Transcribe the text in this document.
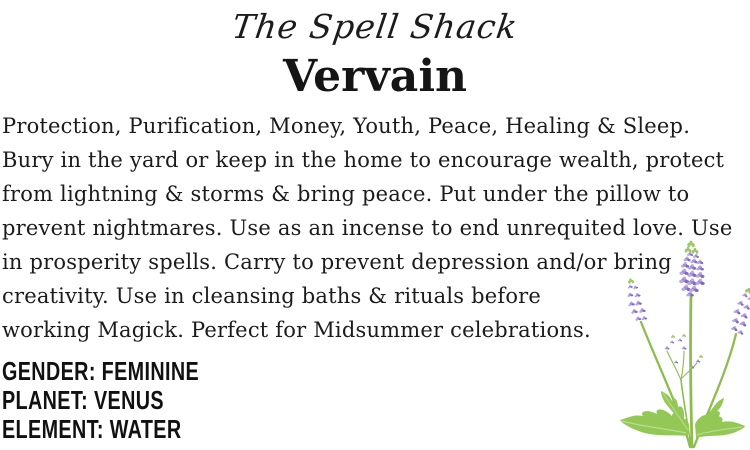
The Spell Shack
Vervain
Protection, Purification, Money, Youth, Peace, Healing & Sleep.
Bury in the yard or keep in the home to encourage wealth, protect
from lightning & storms & bring peace. Put under the pillow to
prevent nightmares. Use as an incense to end unrequited love. Use
in prosperity spells. Carry to prevent depression and/or bring
creativity. Use in cleansing baths & rituals before
working Magick. Perfect for Midsummer celebrations.
GENDER: FEMININE
PLANET: VENUS
ELEMENT: WATER
